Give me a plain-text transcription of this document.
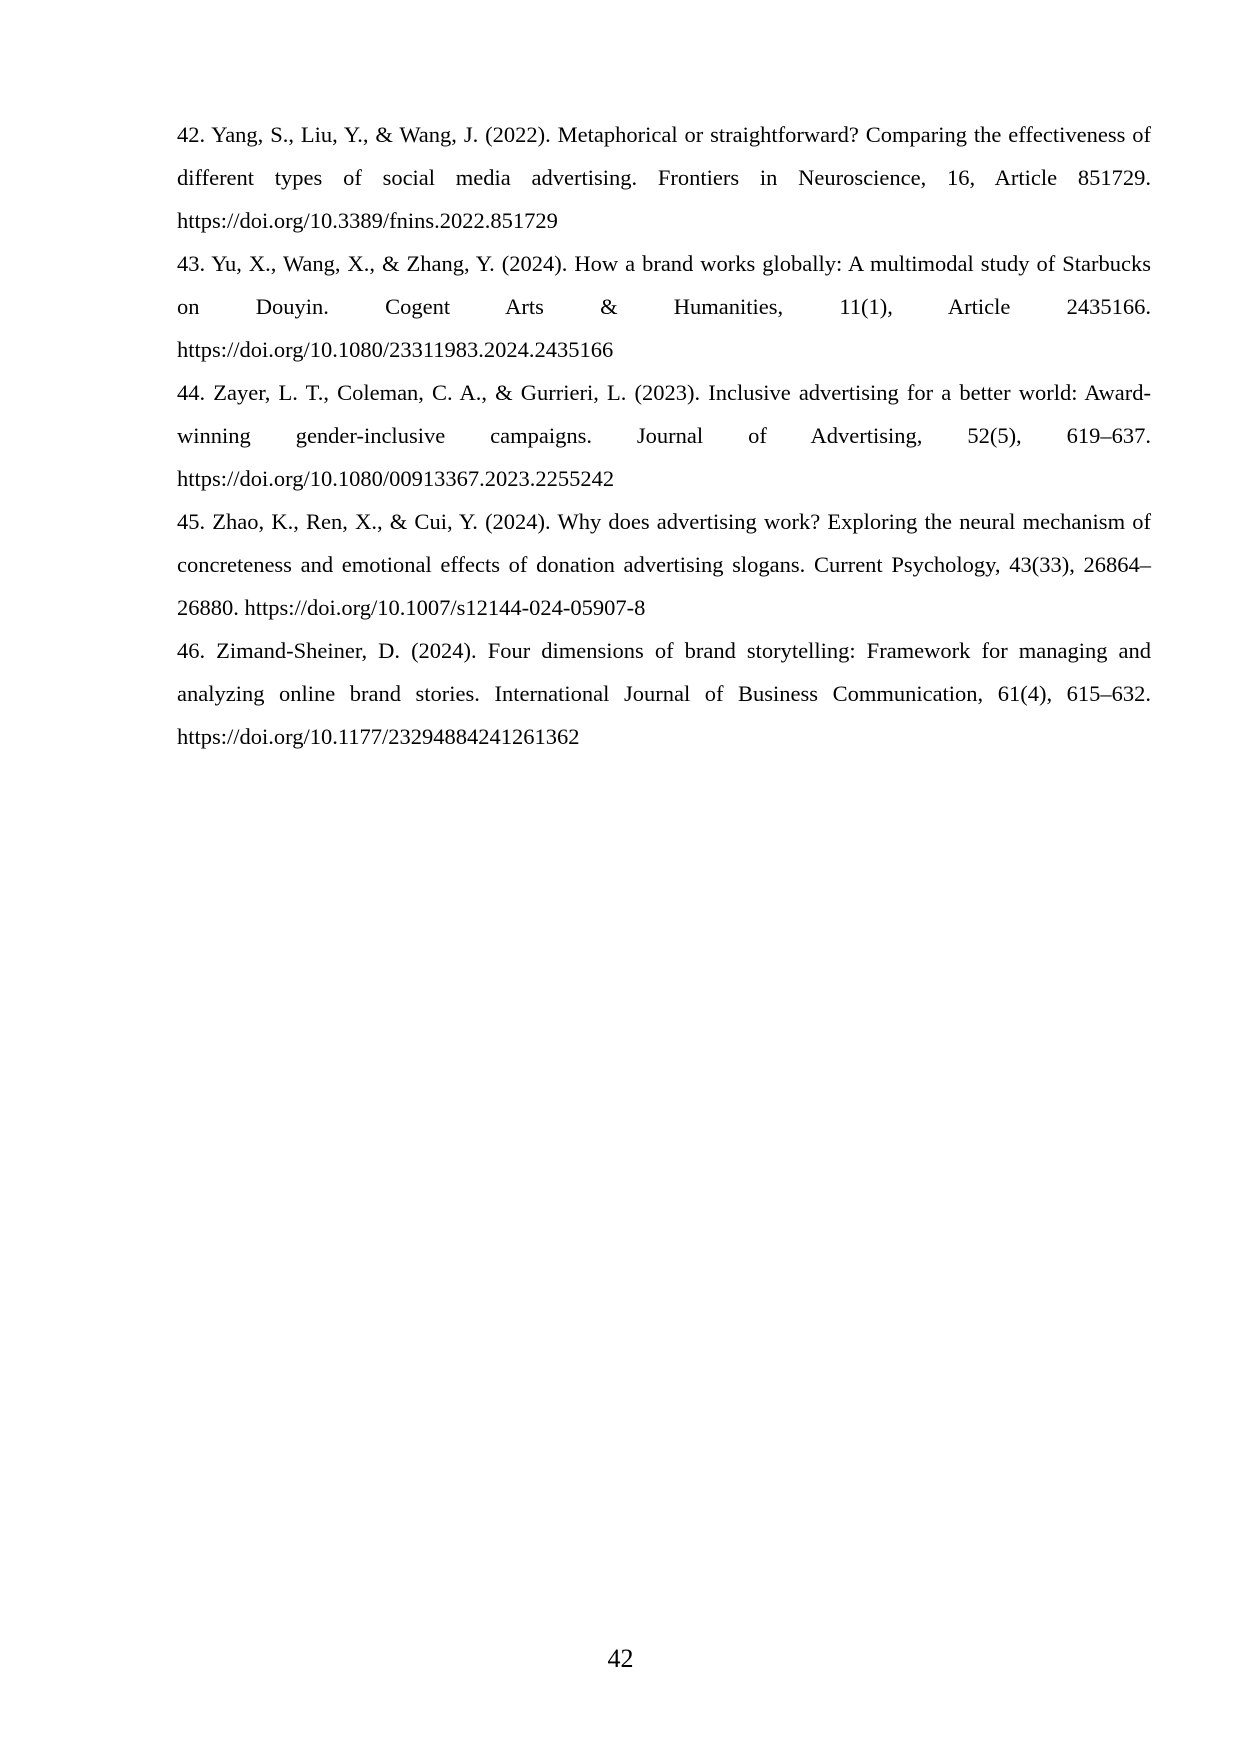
42. Yang, S., Liu, Y., & Wang, J. (2022). Metaphorical or straightforward? Comparing the effectiveness of different types of social media advertising. Frontiers in Neuroscience, 16, Article 851729. https://doi.org/10.3389/fnins.2022.851729

43. Yu, X., Wang, X., & Zhang, Y. (2024). How a brand works globally: A multimodal study of Starbucks on Douyin. Cogent Arts & Humanities, 11(1), Article 2435166. https://doi.org/10.1080/23311983.2024.2435166

44. Zayer, L. T., Coleman, C. A., & Gurrieri, L. (2023). Inclusive advertising for a better world: Award-winning gender-inclusive campaigns. Journal of Advertising, 52(5), 619–637. https://doi.org/10.1080/00913367.2023.2255242

45. Zhao, K., Ren, X., & Cui, Y. (2024). Why does advertising work? Exploring the neural mechanism of concreteness and emotional effects of donation advertising slogans. Current Psychology, 43(33), 26864–26880. https://doi.org/10.1007/s12144-024-05907-8

46. Zimand-Sheiner, D. (2024). Four dimensions of brand storytelling: Framework for managing and analyzing online brand stories. International Journal of Business Communication, 61(4), 615–632. https://doi.org/10.1177/23294884241261362

42
